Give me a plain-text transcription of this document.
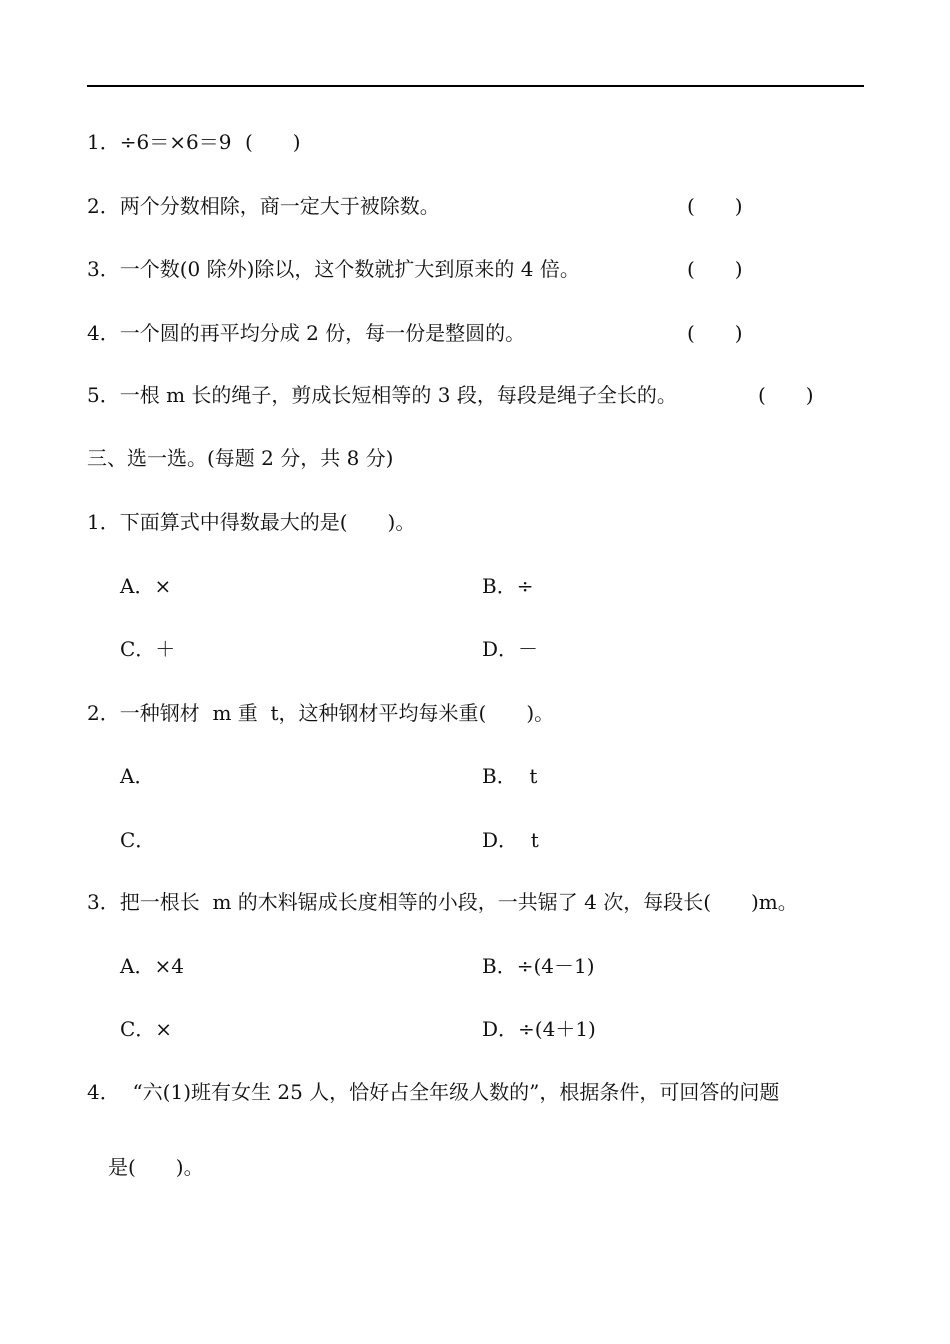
1．÷6＝×6＝9 (　　)
2．两个分数相除，商一定大于被除数。	(　　)
3．一个数(0 除外)除以，这个数就扩大到原来的 4 倍。	(　　)
4．一个圆的再平均分成 2 份，每一份是整圆的。	(　　)
5．一根 m 长的绳子，剪成长短相等的 3 段，每段是绳子全长的。	(　　)
三、选一选。(每题 2 分，共 8 分)
1．下面算式中得数最大的是(　　)。
A．×	B．÷
C．＋	D．－
2．一种钢材  m 重  t，这种钢材平均每米重(　　)。
A．	B．  t
C．	D．  t
3．把一根长  m 的木料锯成长度相等的小段，一共锯了 4 次，每段长(　　)m。
A．×4	B．÷(4－1)
C．×	D．÷(4＋1)
4．  “六(1)班有女生 25 人，恰好占全年级人数的”，根据条件，可回答的问题
是(　　)。
